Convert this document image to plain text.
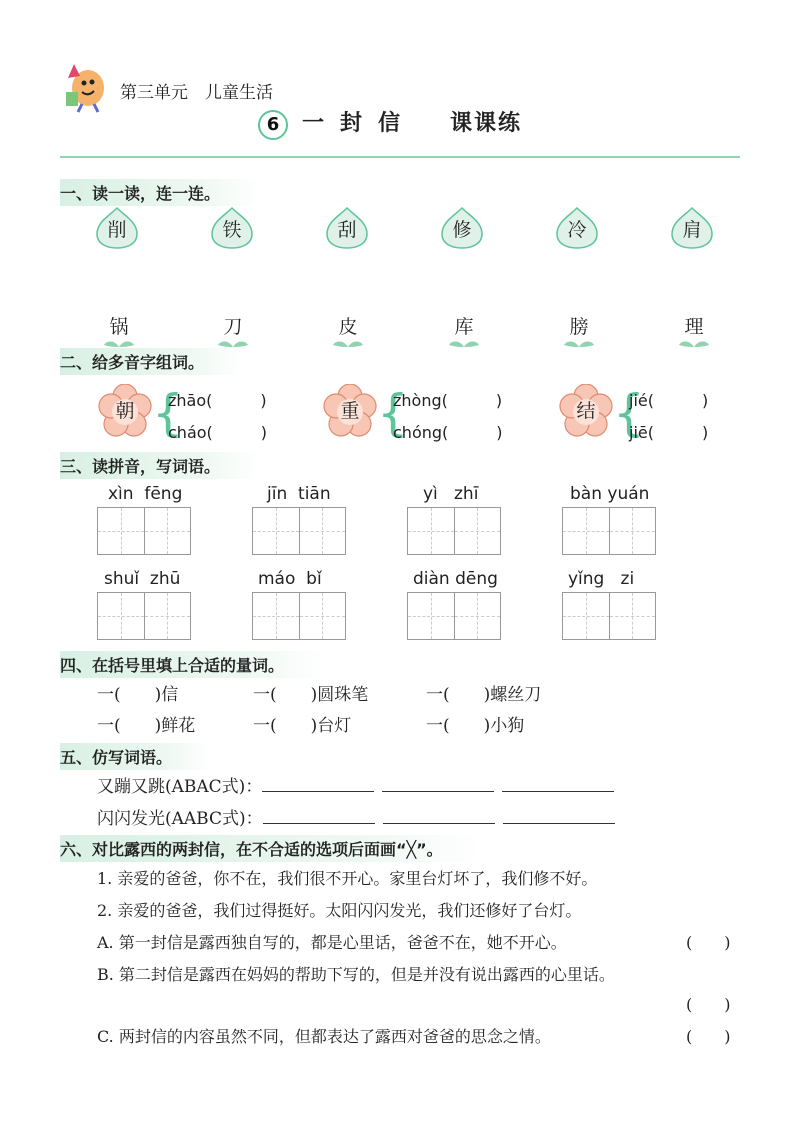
第三单元　儿童生活
6 一封信 课课练
一、读一读，连一连。
削	铁	刮	修	冷	肩
锅	刀	皮	库	膀	理
二、给多音字组词。
朝 {
zhāo(　　　)
cháo(　　　)
重 {
zhòng(　　　)
chóng(　　　)
结 {
jié(　　　)
jiē(　　　)
三、读拼音，写词语。
xìn  fēng	jīn  tiān	yì   zhī	bàn yuán
shuǐ  zhū	máo  bǐ	diàn dēng	yǐng   zi
四、在括号里填上合适的量词。
一(　　)信	一(　　)圆珠笔	一(　　)螺丝刀
一(　　)鲜花	一(　　)台灯	一(　　)小狗
五、仿写词语。
又蹦又跳(ABAC式)：
闪闪发光(AABC式)：
六、对比露西的两封信，在不合适的选项后面画“╳”。
1. 亲爱的爸爸，你不在，我们很不开心。家里台灯坏了，我们修不好。
2. 亲爱的爸爸，我们过得挺好。太阳闪闪发光，我们还修好了台灯。
A. 第一封信是露西独自写的，都是心里话，爸爸不在，她不开心。	(　　)
B. 第二封信是露西在妈妈的帮助下写的，但是并没有说出露西的心里话。
(　　)
C. 两封信的内容虽然不同，但都表达了露西对爸爸的思念之情。	(　　)
